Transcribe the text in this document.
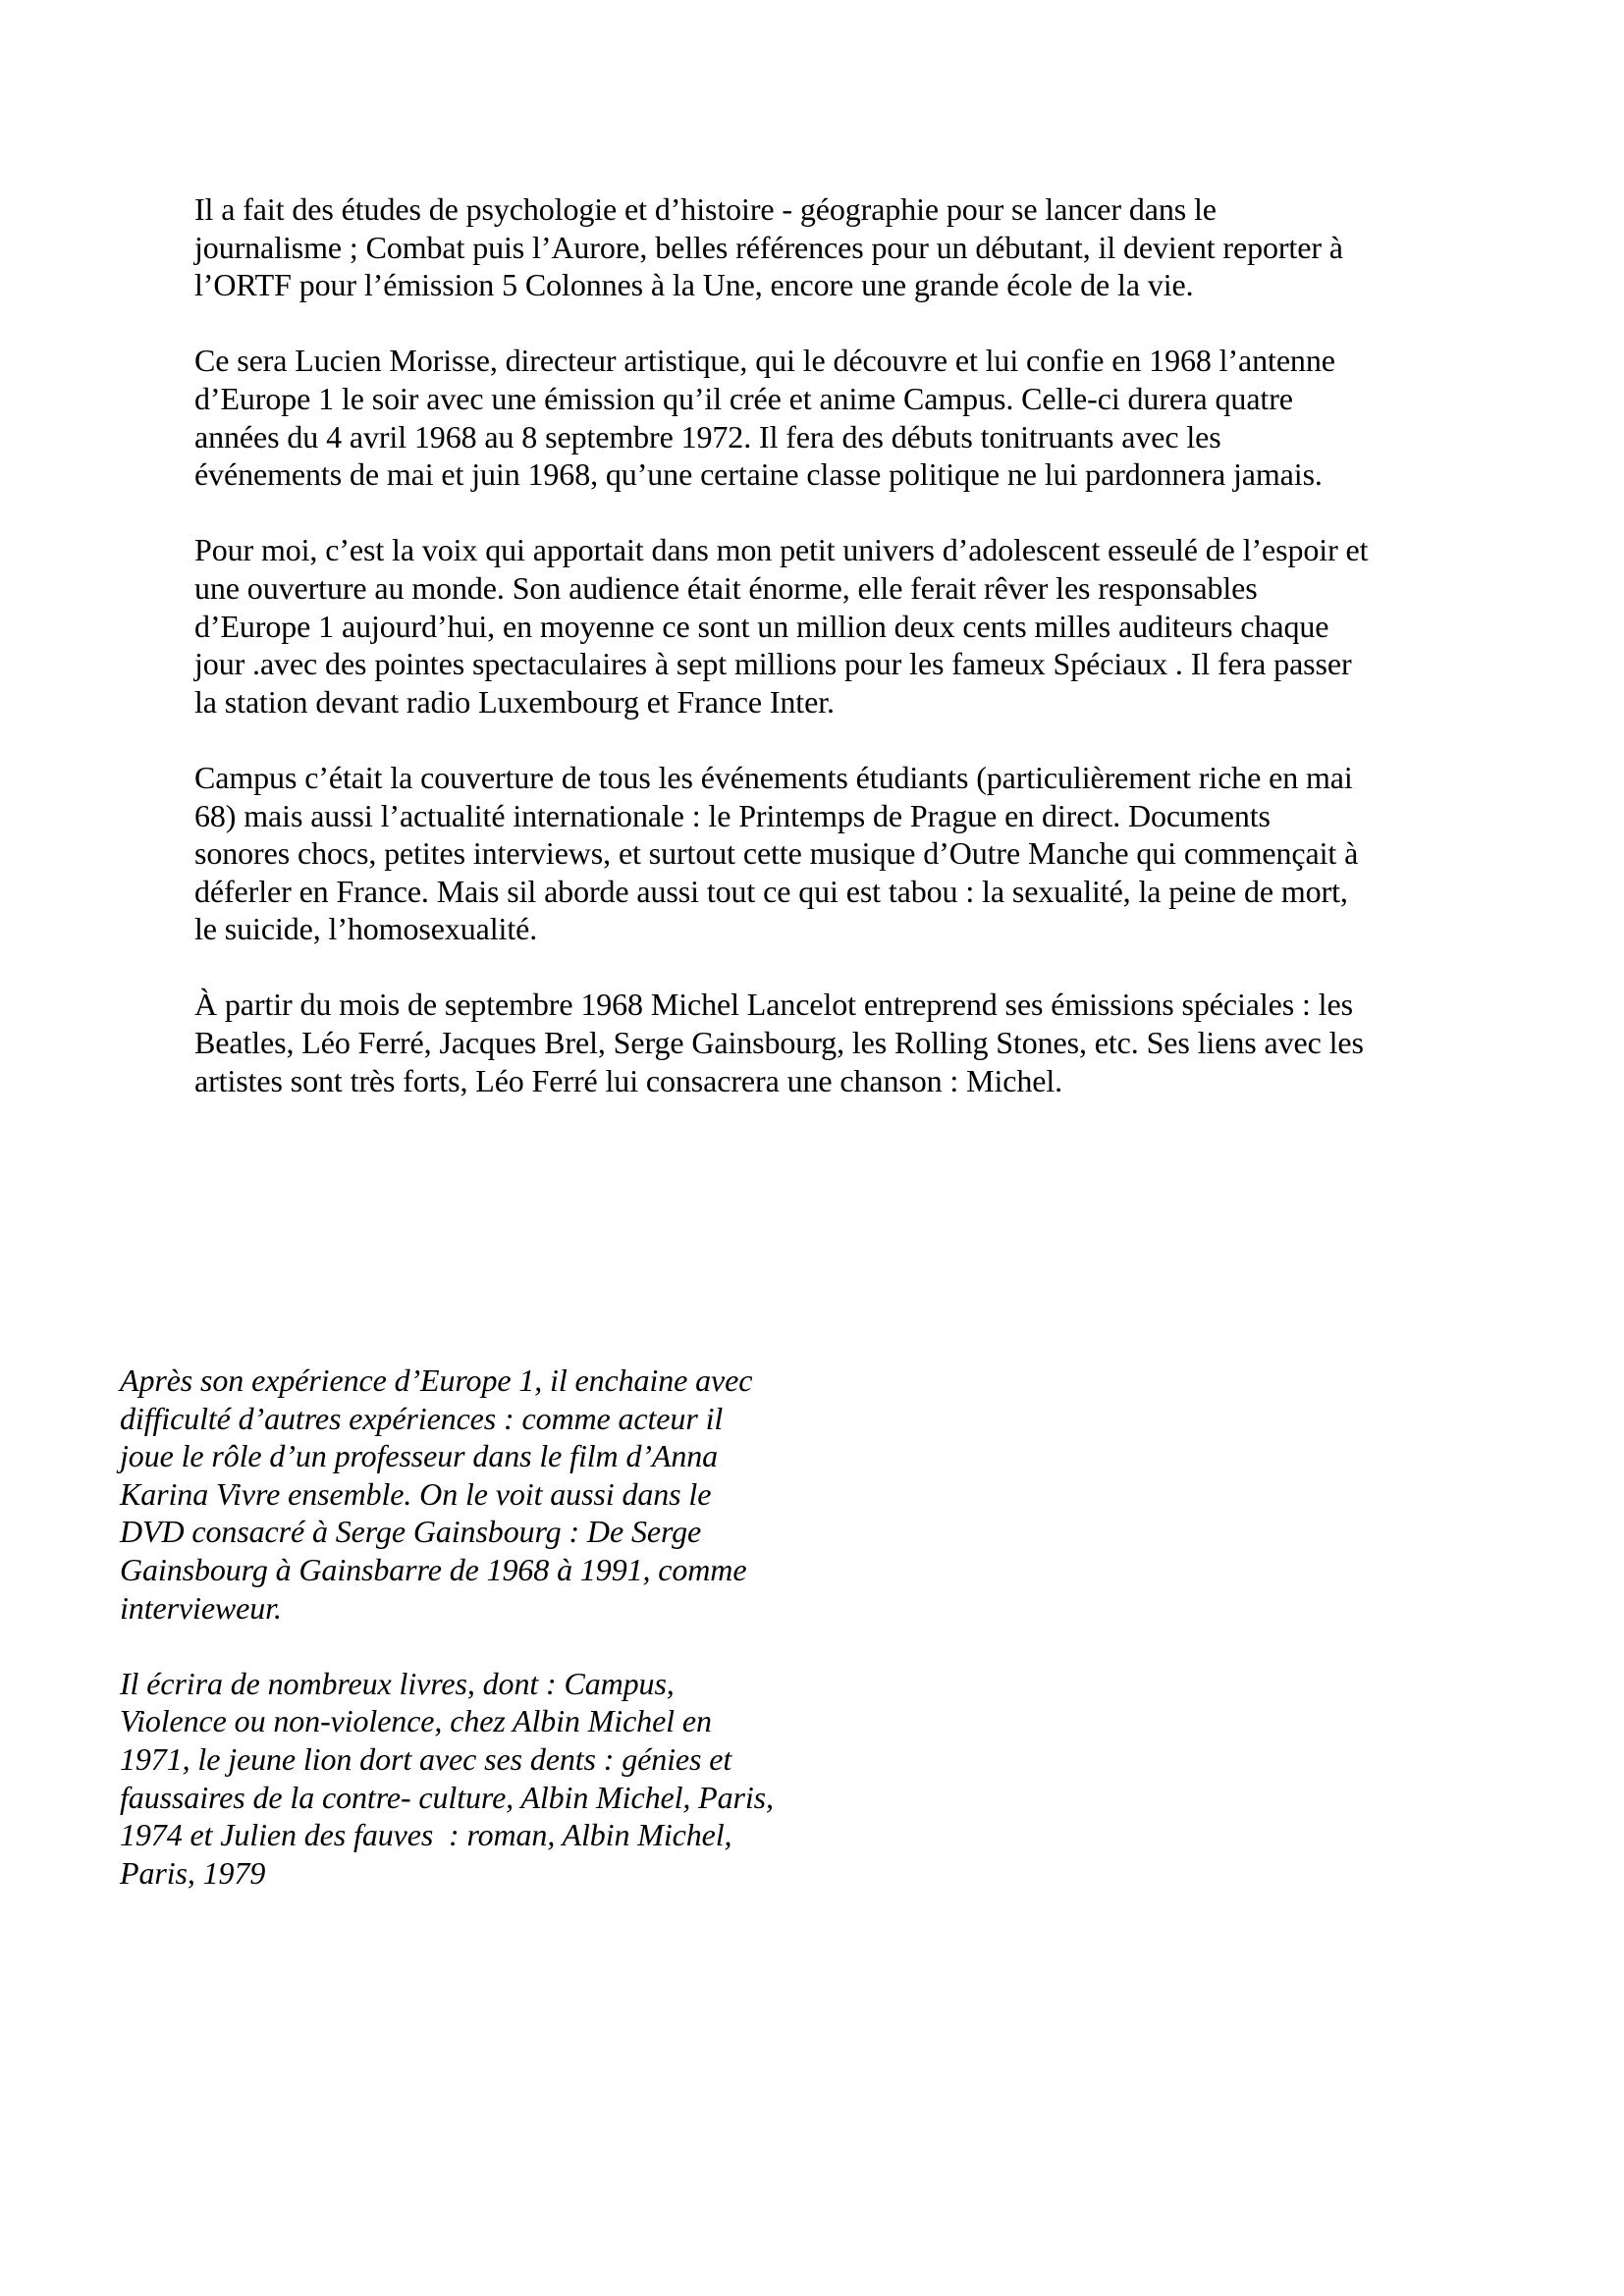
Il a fait des études de psychologie et d’histoire - géographie pour se lancer dans le
journalisme ; Combat puis l’Aurore, belles références pour un débutant, il devient reporter à
l’ORTF pour l’émission 5 Colonnes à la Une, encore une grande école de la vie.
Ce sera Lucien Morisse, directeur artistique, qui le découvre et lui confie en 1968 l’antenne
d’Europe 1 le soir avec une émission qu’il crée et anime Campus. Celle-ci durera quatre
années du 4 avril 1968 au 8 septembre 1972. Il fera des débuts tonitruants avec les
événements de mai et juin 1968, qu’une certaine classe politique ne lui pardonnera jamais.
Pour moi, c’est la voix qui apportait dans mon petit univers d’adolescent esseulé de l’espoir et
une ouverture au monde. Son audience était énorme, elle ferait rêver les responsables
d’Europe 1 aujourd’hui, en moyenne ce sont un million deux cents milles auditeurs chaque
jour .avec des pointes spectaculaires à sept millions pour les fameux Spéciaux . Il fera passer
la station devant radio Luxembourg et France Inter.
Campus c’était la couverture de tous les événements étudiants (particulièrement riche en mai
68) mais aussi l’actualité internationale : le Printemps de Prague en direct. Documents
sonores chocs, petites interviews, et surtout cette musique d’Outre Manche qui commençait à
déferler en France. Mais sil aborde aussi tout ce qui est tabou : la sexualité, la peine de mort,
le suicide, l’homosexualité.
À partir du mois de septembre 1968 Michel Lancelot entreprend ses émissions spéciales : les
Beatles, Léo Ferré, Jacques Brel, Serge Gainsbourg, les Rolling Stones, etc. Ses liens avec les
artistes sont très forts, Léo Ferré lui consacrera une chanson : Michel.
Après son expérience d’Europe 1, il enchaine avec
difficulté d’autres expériences : comme acteur il
joue le rôle d’un professeur dans le film d’Anna
Karina Vivre ensemble. On le voit aussi dans le
DVD consacré à Serge Gainsbourg : De Serge
Gainsbourg à Gainsbarre de 1968 à 1991, comme
intervieweur.
Il écrira de nombreux livres, dont : Campus,
Violence ou non-violence, chez Albin Michel en
1971, le jeune lion dort avec ses dents : génies et
faussaires de la contre- culture, Albin Michel, Paris,
1974 et Julien des fauves  : roman, Albin Michel,
Paris, 1979
